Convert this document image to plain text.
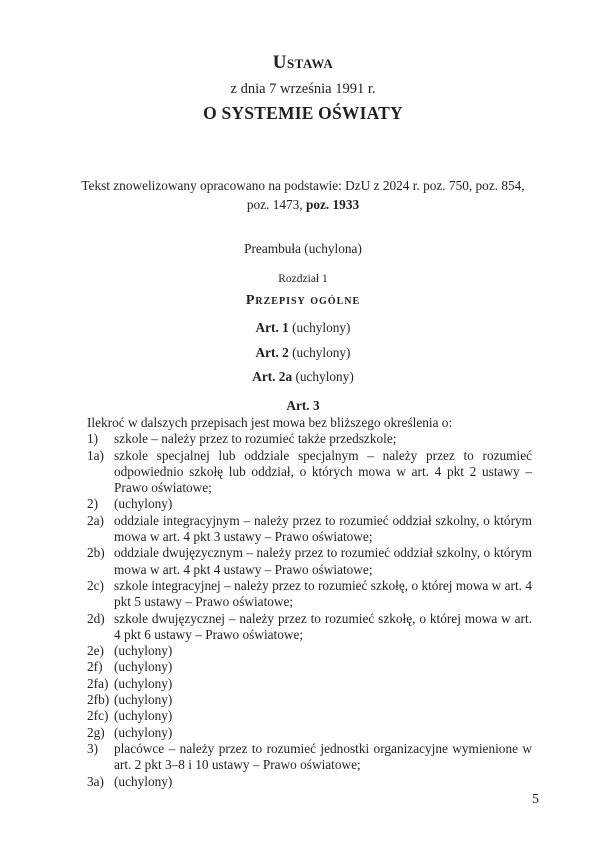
Ustawa
z dnia 7 września 1991 r.
O SYSTEMIE OŚWIATY
Tekst znowelizowany opracowano na podstawie: DzU z 2024 r. poz. 750, poz. 854, poz. 1473, poz. 1933
Preambuła (uchylona)
Rozdział 1
Przepisy ogólne
Art. 1 (uchylony)
Art. 2 (uchylony)
Art. 2a (uchylony)
Art. 3

Ilekroć w dalszych przepisach jest mowa bez bliższego określenia o:

1)	szkole – należy przez to rozumieć także przedszkole;
1a) szkole specjalnej lub oddziale specjalnym – należy przez to rozumieć odpowiednio szkołę lub oddział, o których mowa w art. 4 pkt 2 ustawy – Prawo oświatowe;
2)	(uchylony)
2a) oddziale integracyjnym – należy przez to rozumieć oddział szkolny, o którym mowa w art. 4 pkt 3 ustawy – Prawo oświatowe;
2b) oddziale dwujęzycznym – należy przez to rozumieć oddział szkolny, o którym mowa w art. 4 pkt 4 ustawy – Prawo oświatowe;
2c) szkole integracyjnej – należy przez to rozumieć szkołę, o której mowa w art. 4 pkt 5 ustawy – Prawo oświatowe;
2d) szkole dwujęzycznej – należy przez to rozumieć szkołę, o której mowa w art. 4 pkt 6 ustawy – Prawo oświatowe;
2e) (uchylony)
2f) (uchylony)
2fa) (uchylony)
2fb) (uchylony)
2fc) (uchylony)
2g) (uchylony)
3)	placówce – należy przez to rozumieć jednostki organizacyjne wymienione w art. 2 pkt 3–8 i 10 ustawy – Prawo oświatowe;
3a) (uchylony)
5
